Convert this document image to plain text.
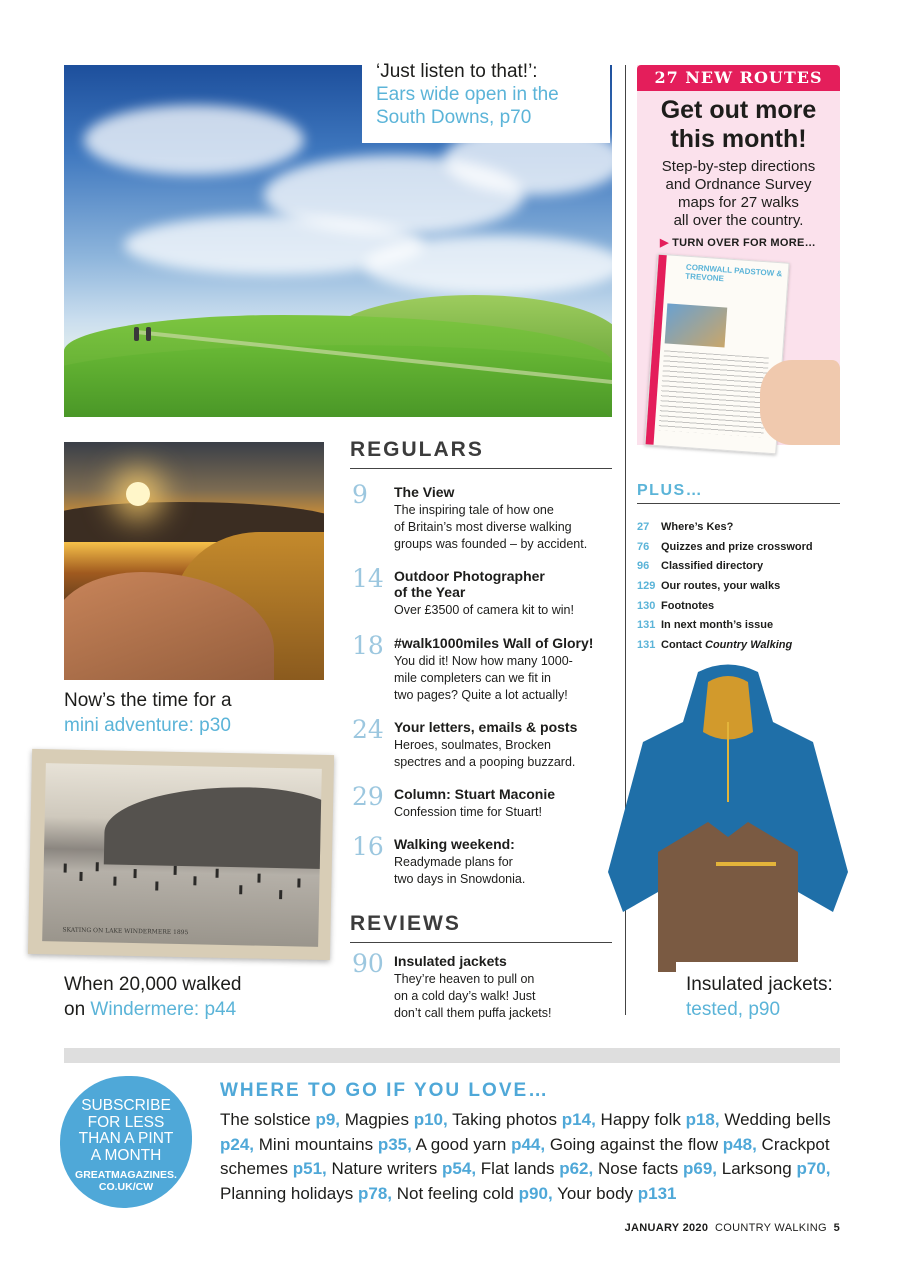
‘Just listen to that!’:
Ears wide open in the
South Downs, p70
27 NEW ROUTES
Get out more
this month!
Step-by-step directions
and Ordnance Survey
maps for 27 walks
all over the country.
▶ TURN OVER FOR MORE…
CORNWALL PADSTOW & TREVONE
Now’s the time for a
mini adventure: p30
SKATING ON LAKE WINDERMERE 1895
When 20,000 walked
on Windermere: p44
REGULARS
9 The View
The inspiring tale of how one
of Britain’s most diverse walking
groups was founded – by accident.
14 Outdoor Photographer
of the Year
Over £3500 of camera kit to win!
18 #walk1000miles Wall of Glory!
You did it! Now how many 1000-
mile completers can we fit in
two pages? Quite a lot actually!
24 Your letters, emails & posts
Heroes, soulmates, Brocken
spectres and a pooping buzzard.
29 Column: Stuart Maconie
Confession time for Stuart!
16 Walking weekend:
Readymade plans for
two days in Snowdonia.
REVIEWS
90 Insulated jackets
They’re heaven to pull on
on a cold day’s walk! Just
don’t call them puffa jackets!
PLUS…
27 Where’s Kes?
76 Quizzes and prize crossword
96 Classified directory
129 Our routes, your walks
130 Footnotes
131 In next month’s issue
131 Contact Country Walking
Insulated jackets:
tested, p90
SUBSCRIBE
FOR LESS
THAN A PINT
A MONTH
GREATMAGAZINES.
CO.UK/CW
WHERE TO GO IF YOU LOVE…
The solstice p9, Magpies p10, Taking photos p14, Happy folk p18, Wedding bells p24, Mini mountains p35, A good yarn p44, Going against the flow p48, Crackpot schemes p51, Nature writers p54, Flat lands p62, Nose facts p69, Larksong p70, Planning holidays p78, Not feeling cold p90, Your body p131
JANUARY 2020 COUNTRY WALKING 5
